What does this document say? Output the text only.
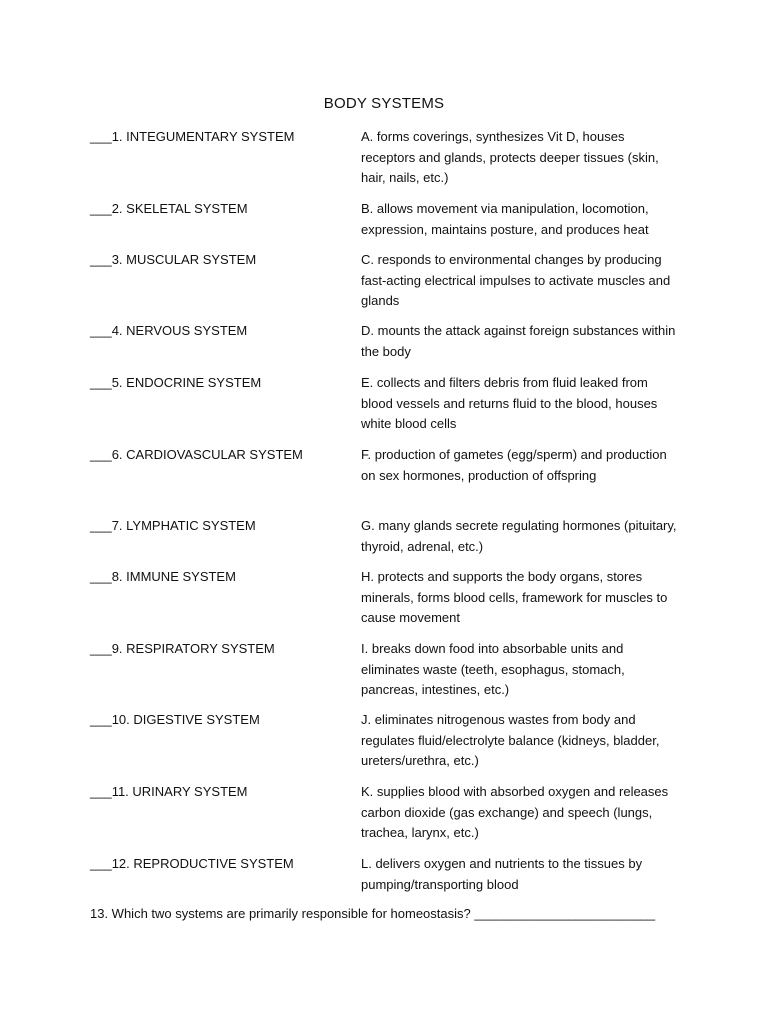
BODY SYSTEMS
___1. INTEGUMENTARY SYSTEM	A. forms coverings, synthesizes Vit D, houses receptors and glands, protects deeper tissues (skin, hair, nails, etc.)
___2. SKELETAL SYSTEM	B. allows movement via manipulation, locomotion, expression, maintains posture, and produces heat
___3. MUSCULAR SYSTEM	C. responds to environmental changes by producing fast-acting electrical impulses to activate muscles and glands
___4. NERVOUS SYSTEM	D. mounts the attack against foreign substances within the body
___5. ENDOCRINE SYSTEM	E. collects and filters debris from fluid leaked from blood vessels and returns fluid to the blood, houses white blood cells
___6. CARDIOVASCULAR SYSTEM	F. production of gametes (egg/sperm) and production on sex hormones, production of offspring
___7. LYMPHATIC SYSTEM	G. many glands secrete regulating hormones (pituitary, thyroid, adrenal, etc.)
___8. IMMUNE SYSTEM	H. protects and supports the body organs, stores minerals, forms blood cells, framework for muscles to cause movement
___9. RESPIRATORY SYSTEM	I. breaks down food into absorbable units and eliminates waste (teeth, esophagus, stomach, pancreas, intestines, etc.)
___10. DIGESTIVE SYSTEM	J. eliminates nitrogenous wastes from body and regulates fluid/electrolyte balance (kidneys, bladder, ureters/urethra, etc.)
___11. URINARY SYSTEM	K. supplies blood with absorbed oxygen and releases carbon dioxide (gas exchange) and speech (lungs, trachea, larynx, etc.)
___12. REPRODUCTIVE SYSTEM	L. delivers oxygen and nutrients to the tissues by pumping/transporting blood
13. Which two systems are primarily responsible for homeostasis? _________________________
